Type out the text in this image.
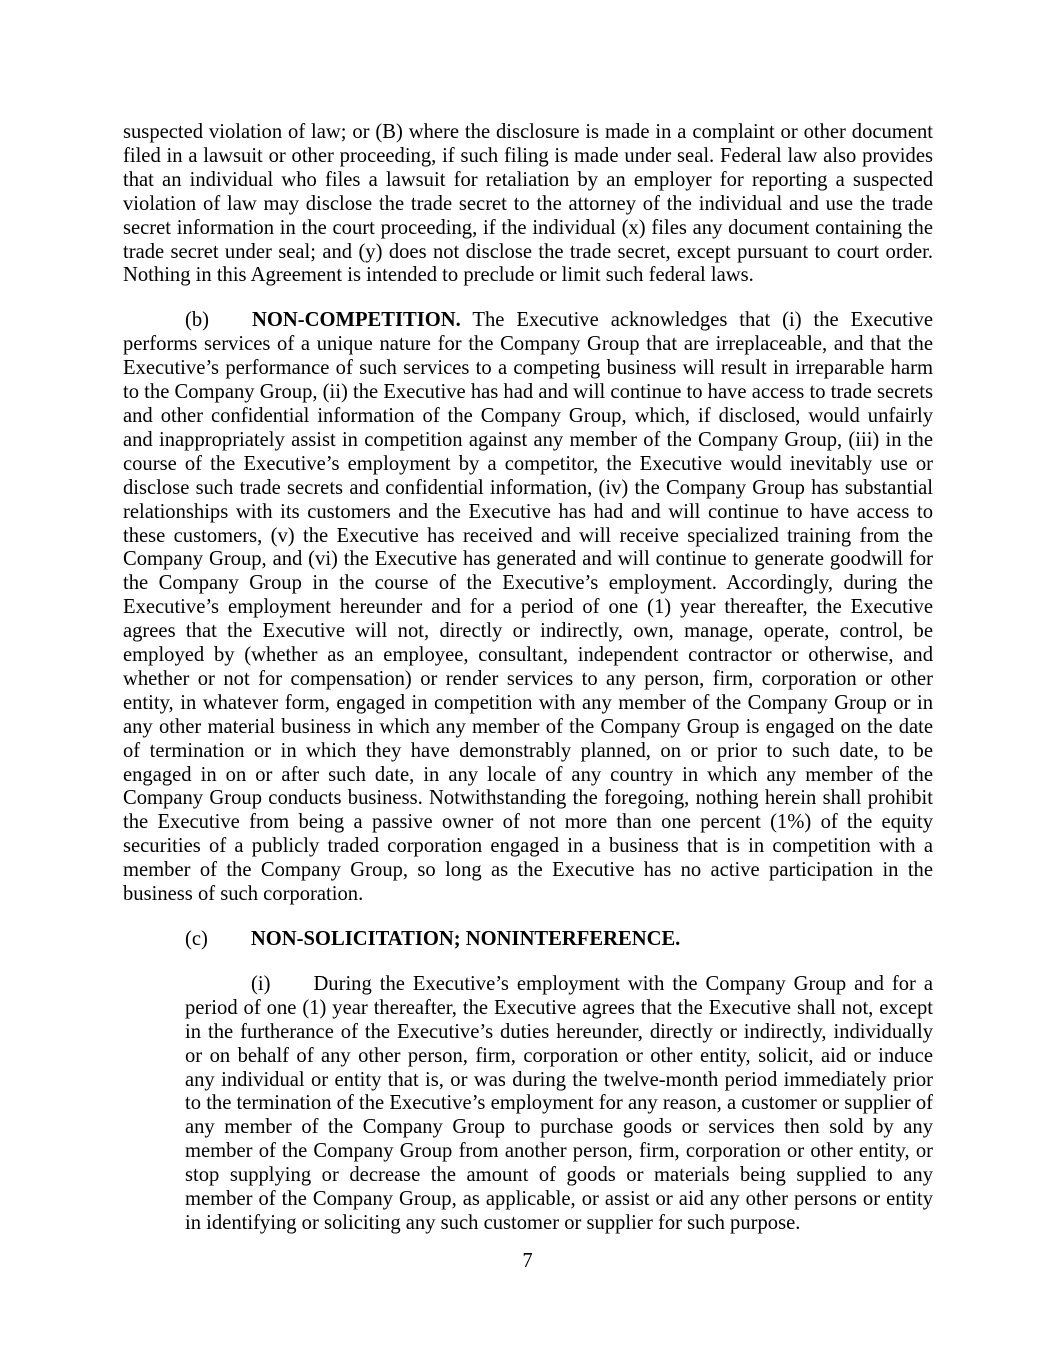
suspected violation of law; or (B) where the disclosure is made in a complaint or other document filed in a lawsuit or other proceeding, if such filing is made under seal. Federal law also provides that an individual who files a lawsuit for retaliation by an employer for reporting a suspected violation of law may disclose the trade secret to the attorney of the individual and use the trade secret information in the court proceeding, if the individual (x) files any document containing the trade secret under seal; and (y) does not disclose the trade secret, except pursuant to court order. Nothing in this Agreement is intended to preclude or limit such federal laws.

(b) NON-COMPETITION. The Executive acknowledges that (i) the Executive performs services of a unique nature for the Company Group that are irreplaceable, and that the Executive’s performance of such services to a competing business will result in irreparable harm to the Company Group, (ii) the Executive has had and will continue to have access to trade secrets and other confidential information of the Company Group, which, if disclosed, would unfairly and inappropriately assist in competition against any member of the Company Group, (iii) in the course of the Executive’s employment by a competitor, the Executive would inevitably use or disclose such trade secrets and confidential information, (iv) the Company Group has substantial relationships with its customers and the Executive has had and will continue to have access to these customers, (v) the Executive has received and will receive specialized training from the Company Group, and (vi) the Executive has generated and will continue to generate goodwill for the Company Group in the course of the Executive’s employment. Accordingly, during the Executive’s employment hereunder and for a period of one (1) year thereafter, the Executive agrees that the Executive will not, directly or indirectly, own, manage, operate, control, be employed by (whether as an employee, consultant, independent contractor or otherwise, and whether or not for compensation) or render services to any person, firm, corporation or other entity, in whatever form, engaged in competition with any member of the Company Group or in any other material business in which any member of the Company Group is engaged on the date of termination or in which they have demonstrably planned, on or prior to such date, to be engaged in on or after such date, in any locale of any country in which any member of the Company Group conducts business. Notwithstanding the foregoing, nothing herein shall prohibit the Executive from being a passive owner of not more than one percent (1%) of the equity securities of a publicly traded corporation engaged in a business that is in competition with a member of the Company Group, so long as the Executive has no active participation in the business of such corporation.

(c) NON-SOLICITATION; NONINTERFERENCE.

(i) During the Executive’s employment with the Company Group and for a period of one (1) year thereafter, the Executive agrees that the Executive shall not, except in the furtherance of the Executive’s duties hereunder, directly or indirectly, individually or on behalf of any other person, firm, corporation or other entity, solicit, aid or induce any individual or entity that is, or was during the twelve-month period immediately prior to the termination of the Executive’s employment for any reason, a customer or supplier of any member of the Company Group to purchase goods or services then sold by any member of the Company Group from another person, firm, corporation or other entity, or stop supplying or decrease the amount of goods or materials being supplied to any member of the Company Group, as applicable, or assist or aid any other persons or entity in identifying or soliciting any such customer or supplier for such purpose.

7
